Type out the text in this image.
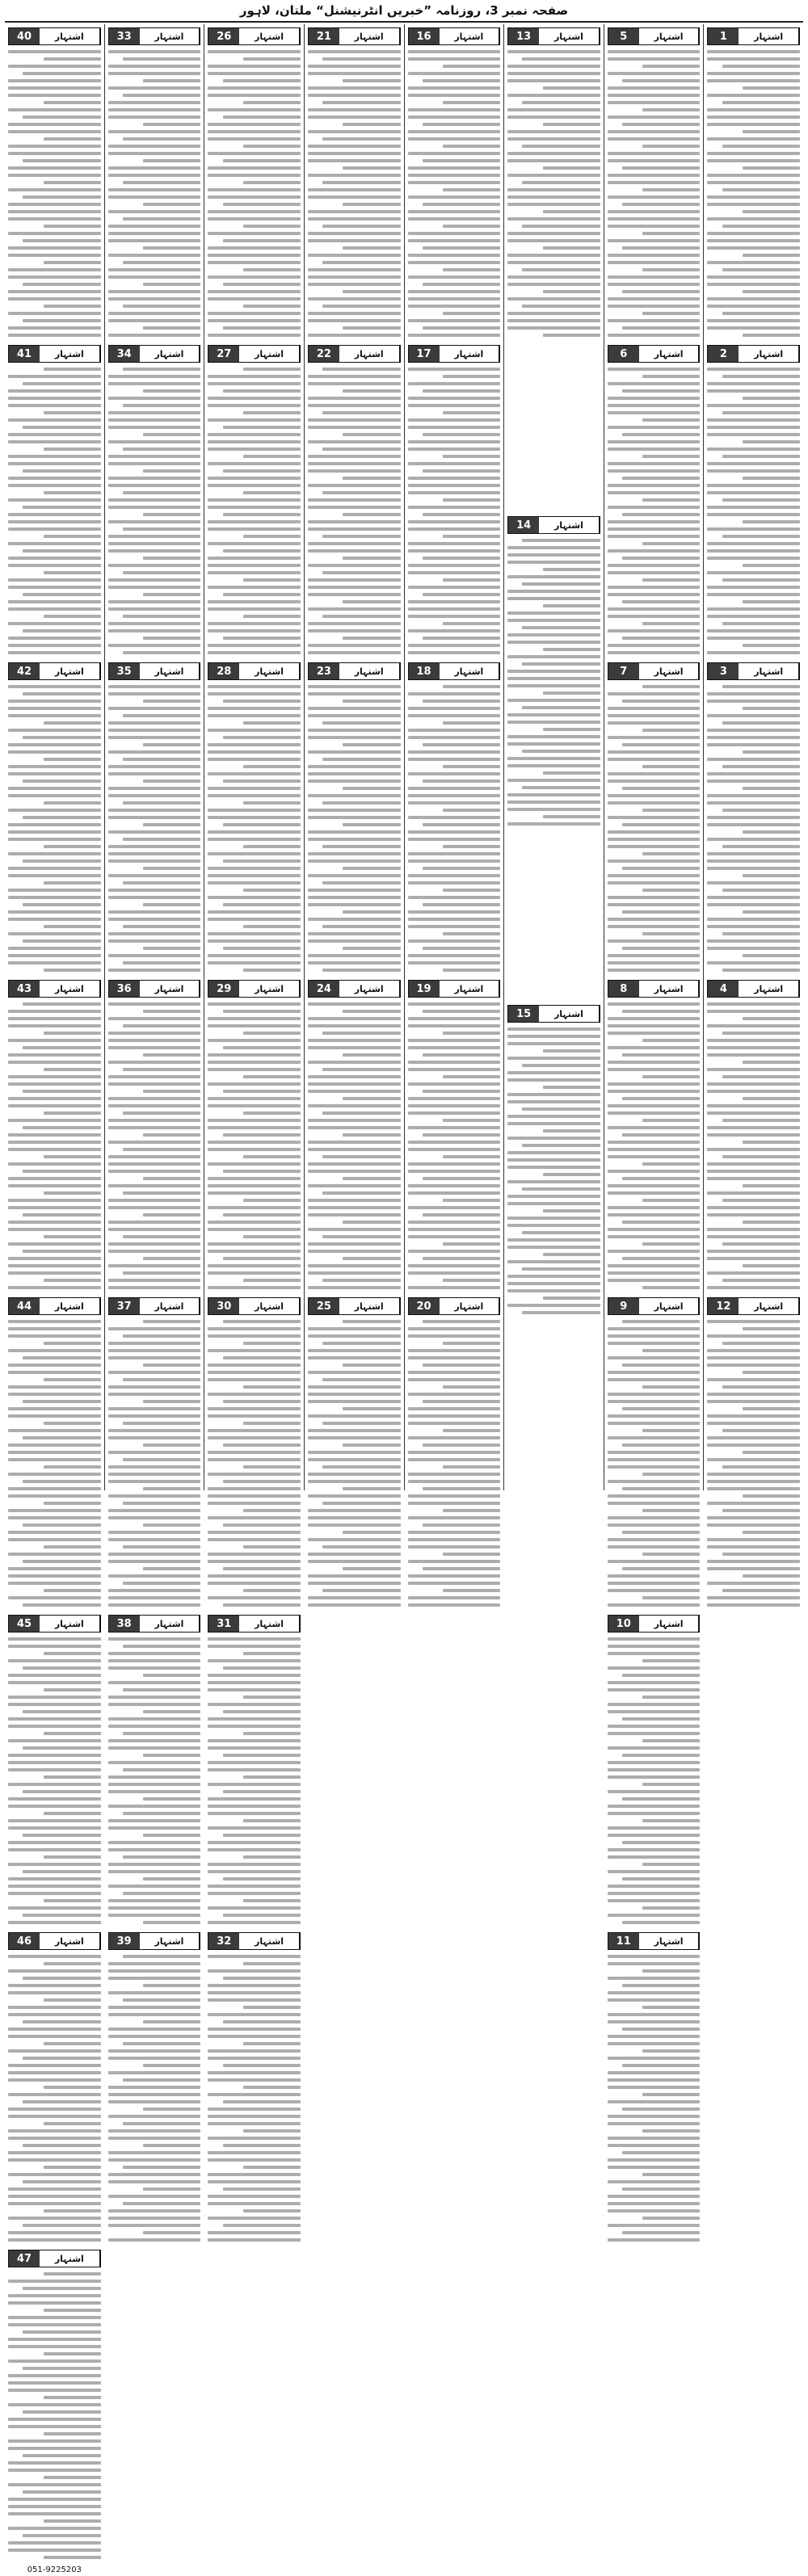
صفحہ نمبر 3، روزنامہ ”خبریں انٹرنیشنل“ ملتان، لاہور
اشتہار
1
اشتہار
2
اشتہار
3
اشتہار
4
اشتہار
12
اشتہار
5
اشتہار
6
اشتہار
7
اشتہار
8
اشتہار
9
اشتہار
10
اشتہار
11
اشتہار
13
اشتہار
14
اشتہار
15
اشتہار
16
اشتہار
17
اشتہار
18
اشتہار
19
اشتہار
20
اشتہار
21
اشتہار
22
اشتہار
23
اشتہار
24
اشتہار
25
اشتہار
26
اشتہار
27
اشتہار
28
اشتہار
29
اشتہار
30
اشتہار
31
اشتہار
32
اشتہار
33
اشتہار
34
اشتہار
35
اشتہار
36
اشتہار
37
اشتہار
38
اشتہار
39
اشتہار
40
اشتہار
41
اشتہار
42
اشتہار
43
اشتہار
44
اشتہار
45
اشتہار
46
اشتہار
47
051-9225203
